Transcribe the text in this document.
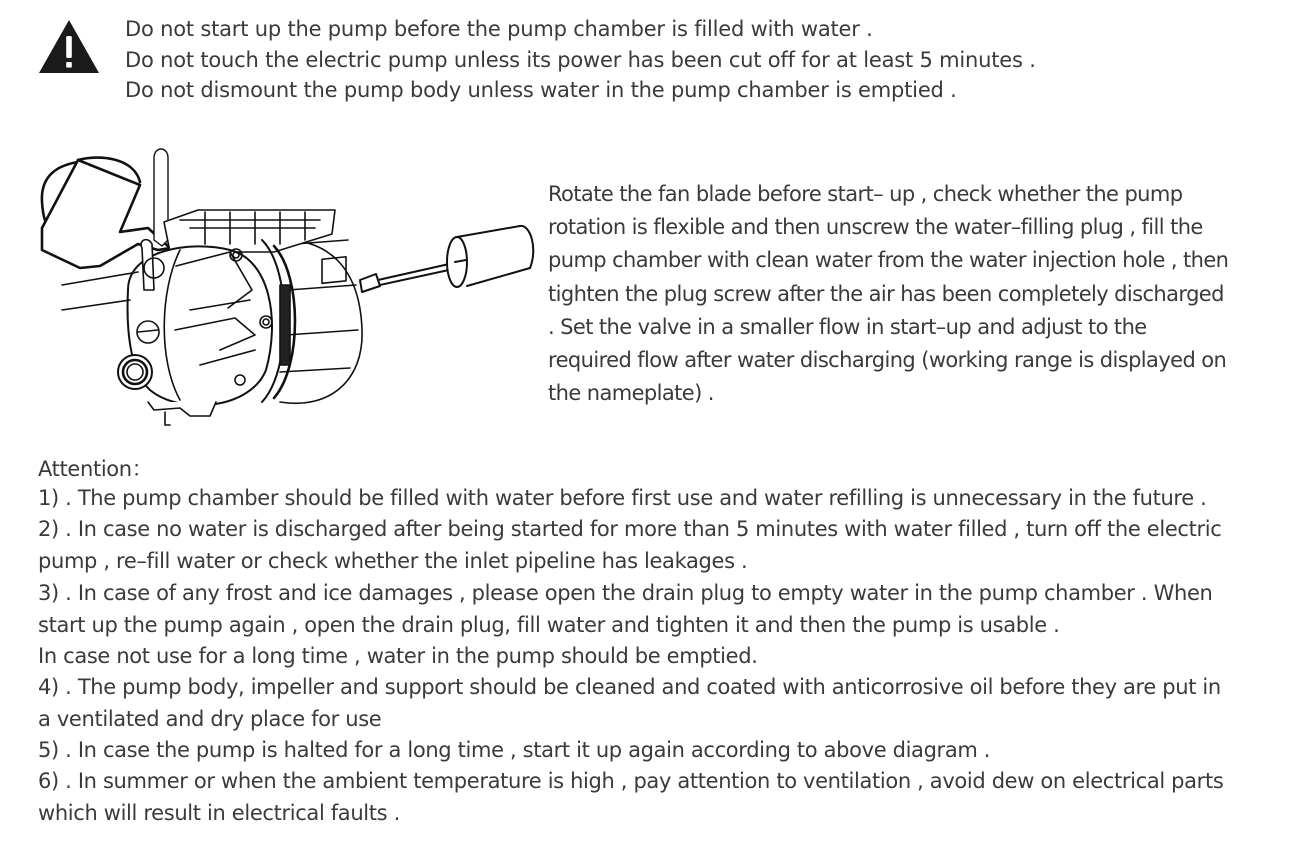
Do not start up the pump before the pump chamber is filled with water .
Do not touch the electric pump unless its power has been cut off for at least 5 minutes .
Do not dismount the pump body unless water in the pump chamber is emptied .
Rotate the fan blade before start– up , check whether the pump
rotation is flexible and then unscrew the water–filling plug , fill the
pump chamber with clean water from the water injection hole , then
tighten the plug screw after the air has been completely discharged
. Set the valve in a smaller flow in start–up and adjust to the
required flow after water discharging (working range is displayed on
the nameplate) .
Attention：
1) . The pump chamber should be filled with water before first use and water refilling is unnecessary in the future .
2) . In case no water is discharged after being started for more than 5 minutes with water filled , turn off the electric
pump , re–fill water or check whether the inlet pipeline has leakages .
3) . In case of any frost and ice damages , please open the drain plug to empty water in the pump chamber . When
start up the pump again , open the drain plug, fill water and tighten it and then the pump is usable .
In case not use for a long time , water in the pump should be emptied.
4) . The pump body, impeller and support should be cleaned and coated with anticorrosive oil before they are put in
a ventilated and dry place for use
5) . In case the pump is halted for a long time , start it up again according to above diagram .
6) . In summer or when the ambient temperature is high , pay attention to ventilation , avoid dew on electrical parts
which will result in electrical faults .
